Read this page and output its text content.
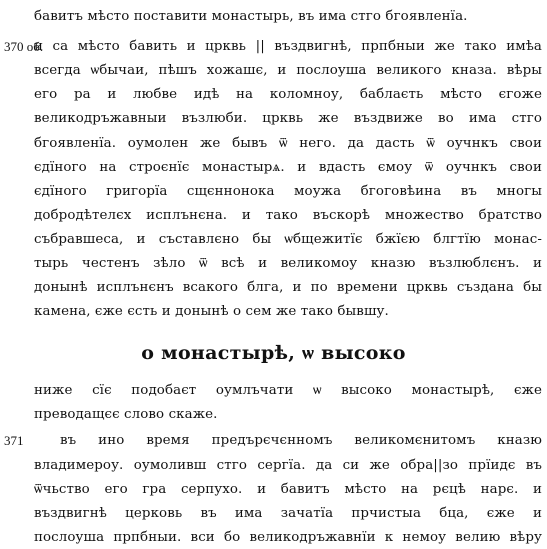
370 об.
371
бавитъ мѣсто поставити монастырь, въ има стго бгоявленїа.
и са мѣсто бавить и црквь || въздвигнѣ, прпбныи же тако имѣа
всегда ѡбычаи, пѣшъ хожашє, и послоуша великого кназа. вѣры
его ра и любве идѣ на коломноу, баблаєть мѣсто єгоже
великодръжавныи възлюби. црквь же въздвиже во има стго
бгоявленїа. оумолен же бывъ ѿ него. да дасть ѿ оучнкъ свои
єдїного на строєнїє монастырѧ. и вдасть ємоу ѿ оучнкъ свои
єдїного григорїа сщєннонока моужа бгоговѣина въ многы
добродѣтелєх исплънєна. и тако въскорѣ множество братство
събравшеса, и съставлєно бы ѡбщежитїє бжїєю блгтїю монас-
тырь честенъ зѣло ѿ всѣ и великомоу кназю възлюблєнъ. и
донынѣ исплънєнъ всакого блга, и по времени црквь създана бы
камена, єже єсть и донынѣ о сем же тако бывшу.
о монастырѣ, ѡ высоко
ниже сїє подобаєт оумлъчати ѡ высоко монастырѣ, єже
преводащєє слово скаже.
въ ино время предърєчєнномъ великомєнитомъ кназю
владимероу. оумоливш стго сергїа. да си же обра||зо прїидє въ
ѿчьство его гра серпухо. и бавитъ мѣсто на рєцѣ нарє. и
въздвигнѣ церковь въ има зачатїа прчистыа бца, єже и
послоуша прпбныи. вси бо великодръжавнїи к немоу велию вѣру
